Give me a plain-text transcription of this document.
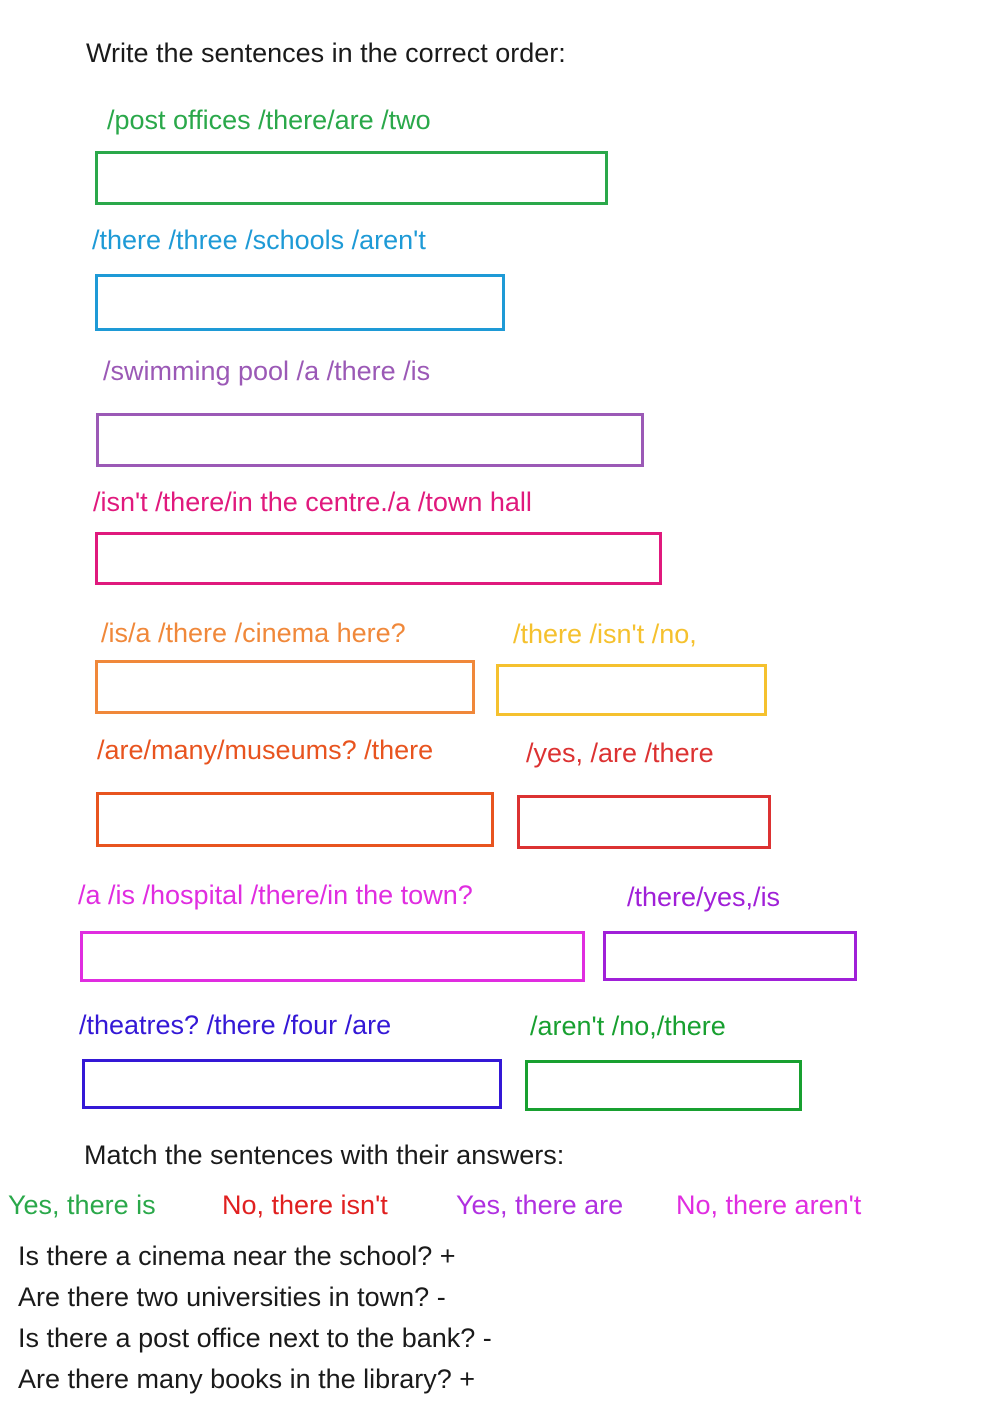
Write the sentences in the correct order:
/post offices /there/are /two
/there /three /schools /aren't
/swimming pool /a /there /is
/isn't /there/in the centre./a /town hall
/is/a /there /cinema here?	/there /isn't /no,
/are/many/museums? /there	/yes, /are /there
/a /is /hospital /there/in the town?	/there/yes,/is
/theatres? /there /four /are	/aren't /no,/there
Match the sentences with their answers:
Yes, there is No, there isn't	Yes, there are No, there aren't
Is there a cinema near the school? +
Are there two universities in town? -
Is there a post office next to the bank? -
Are there many books in the library? +
